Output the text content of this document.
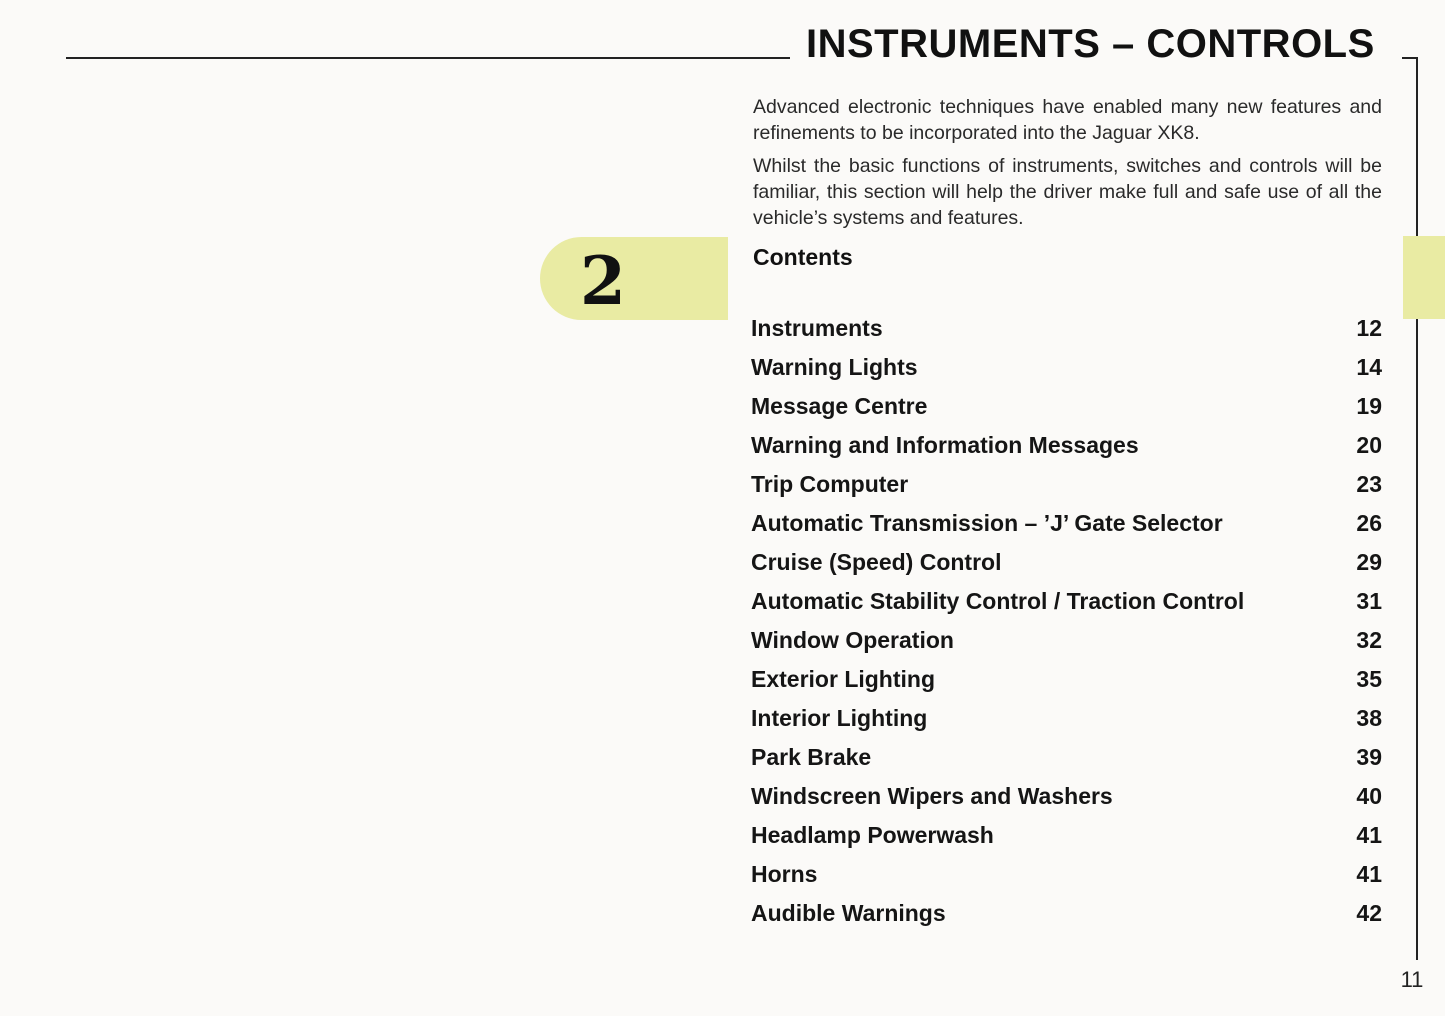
INSTRUMENTS – CONTROLS

Advanced electronic techniques have enabled many new features and refinements to be incorporated into the Jaguar XK8.

Whilst the basic functions of instruments, switches and controls will be familiar, this section will help the driver make full and safe use of all the vehicle’s systems and features.

2	Contents
Instruments	12
Warning Lights	14
Message Centre	19
Warning and Information Messages	20
Trip Computer	23
Automatic Transmission – ’J’ Gate Selector	26
Cruise (Speed) Control	29
Automatic Stability Control / Traction Control	31
Window Operation	32
Exterior Lighting	35
Interior Lighting	38
Park Brake	39
Windscreen Wipers and Washers	40
Headlamp Powerwash	41
Horns	41
Audible Warnings	42
11
